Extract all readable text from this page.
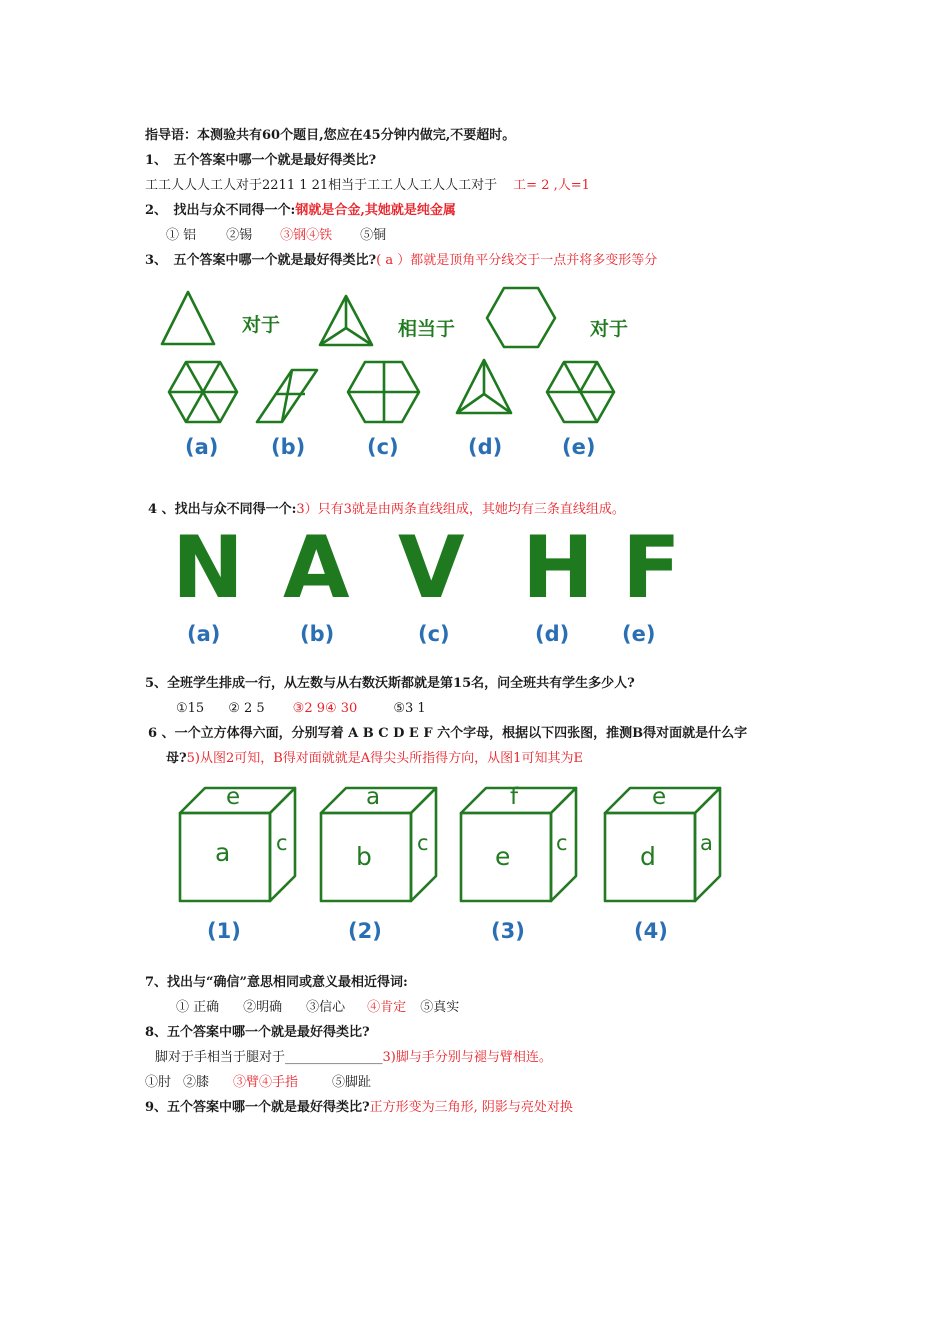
指导语：本测验共有60个题目,您应在45分钟内做完,不要超时。
1、　五个答案中哪一个就是最好得类比?
工工人人人工人对于2211 1 21相当于工工人人工人人工对于 工= 2 ,人=1
2、　找出与众不同得一个:钢就是合金,其她就是纯金属
① 铝 ②锡 ③钢④铁 ⑤铜
3、　五个答案中哪一个就是最好得类比?( a ）都就是顶角平分线交于一点并将多变形等分
对于	相当于	对于
(a)	(b)	(c)	(d)	(e)
4 、找出与众不同得一个:3）只有3就是由两条直线组成，其她均有三条直线组成。
N A V H F
(a)	(b)	(c)	(d)	(e)
5、全班学生排成一行，从左数与从右数沃斯都就是第15名，问全班共有学生多少人?
①15 ② 2 5 ③2 9④ 30	⑤3 1
6 、一个立方体得六面，分别写着 A B C D E F 六个字母，根据以下四张图，推测B得对面就是什么字
母?5)从图2可知，B得对面就就是A得尖头所指得方向，从图1可知其为E
e
a c
(1)
a
b c
(2)
f
e c
(3)
e
d a
(4)
7、找出与“确信”意思相同或意义最相近得词:
① 正确 ②明确 ③信心 ④肯定 ⑤真实
8、五个答案中哪一个就是最好得类比?
脚对于手相当于腿对于_______________3)脚与手分别与褪与臂相连。
①肘 ②膝 ③臂④手指	⑤脚趾
9、五个答案中哪一个就是最好得类比?正方形变为三角形, 阴影与亮处对换
